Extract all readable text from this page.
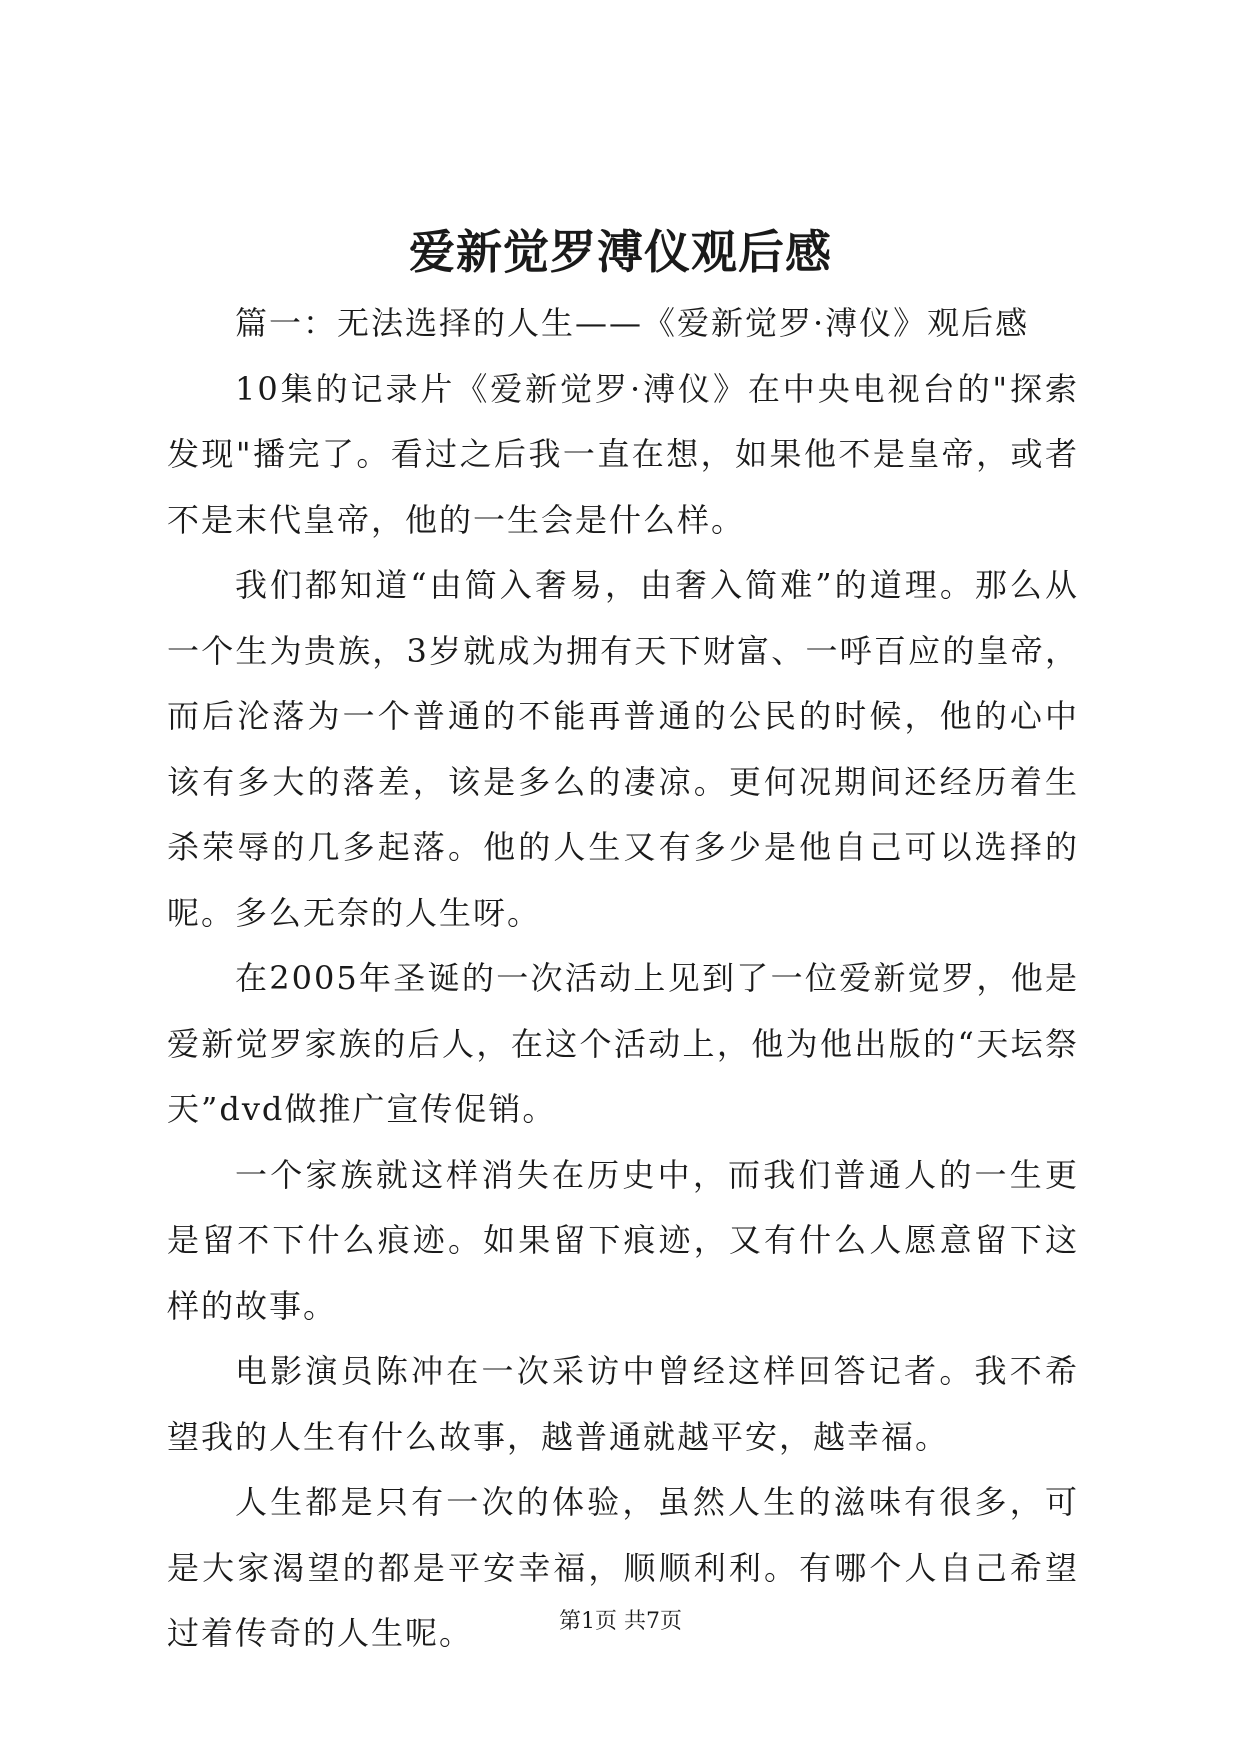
爱新觉罗溥仪观后感

篇一：无法选择的人生——《爱新觉罗·溥仪》观后感

10集的记录片《爱新觉罗·溥仪》在中央电视台的"探索发现"播完了。看过之后我一直在想，如果他不是皇帝，或者不是末代皇帝，他的一生会是什么样。

我们都知道“由简入奢易，由奢入简难”的道理。那么从一个生为贵族，3岁就成为拥有天下财富、一呼百应的皇帝，而后沦落为一个普通的不能再普通的公民的时候，他的心中该有多大的落差，该是多么的凄凉。更何况期间还经历着生杀荣辱的几多起落。他的人生又有多少是他自己可以选择的呢。多么无奈的人生呀。

在2005年圣诞的一次活动上见到了一位爱新觉罗，他是爱新觉罗家族的后人，在这个活动上，他为他出版的“天坛祭天”dvd做推广宣传促销。

一个家族就这样消失在历史中，而我们普通人的一生更是留不下什么痕迹。如果留下痕迹，又有什么人愿意留下这样的故事。

电影演员陈冲在一次采访中曾经这样回答记者。我不希望我的人生有什么故事，越普通就越平安，越幸福。

人生都是只有一次的体验，虽然人生的滋味有很多，可是大家渴望的都是平安幸福，顺顺利利。有哪个人自己希望过着传奇的人生呢。	第1页 共7页
